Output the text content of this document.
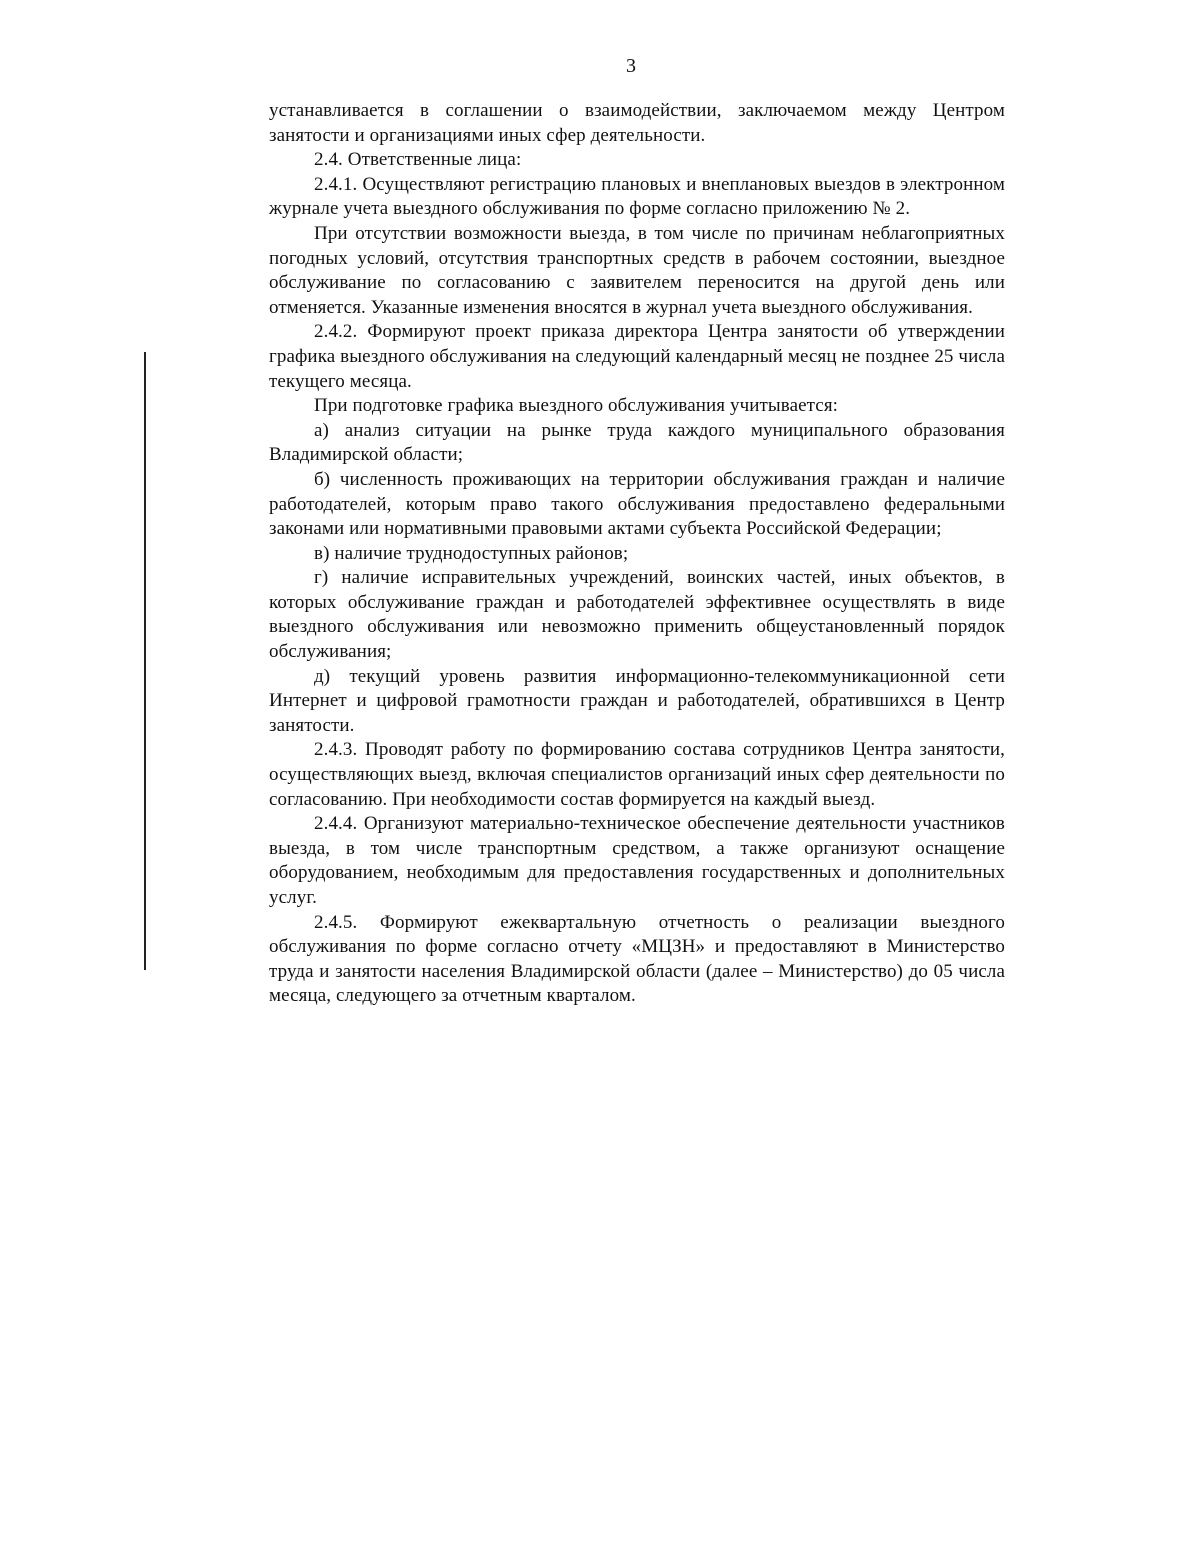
3

устанавливается в соглашении о взаимодействии, заключаемом между Центром занятости и организациями иных сфер деятельности.

2.4. Ответственные лица:

2.4.1. Осуществляют регистрацию плановых и внеплановых выездов в электронном журнале учета выездного обслуживания по форме согласно приложению № 2.

При отсутствии возможности выезда, в том числе по причинам неблагоприятных погодных условий, отсутствия транспортных средств в рабочем состоянии, выездное обслуживание по согласованию с заявителем переносится на другой день или отменяется. Указанные изменения вносятся в журнал учета выездного обслуживания.

2.4.2. Формируют проект приказа директора Центра занятости об утверждении графика выездного обслуживания на следующий календарный месяц не позднее 25 числа текущего месяца.

При подготовке графика выездного обслуживания учитывается:

а) анализ ситуации на рынке труда каждого муниципального образования Владимирской области;

б) численность проживающих на территории обслуживания граждан и наличие работодателей, которым право такого обслуживания предоставлено федеральными законами или нормативными правовыми актами субъекта Российской Федерации;

в) наличие труднодоступных районов;

г) наличие исправительных учреждений, воинских частей, иных объектов, в которых обслуживание граждан и работодателей эффективнее осуществлять в виде выездного обслуживания или невозможно применить общеустановленный порядок обслуживания;

д) текущий уровень развития информационно-телекоммуникационной сети Интернет и цифровой грамотности граждан и работодателей, обратившихся в Центр занятости.

2.4.3. Проводят работу по формированию состава сотрудников Центра занятости, осуществляющих выезд, включая специалистов организаций иных сфер деятельности по согласованию. При необходимости состав формируется на каждый выезд.

2.4.4. Организуют материально-техническое обеспечение деятельности участников выезда, в том числе транспортным средством, а также организуют оснащение оборудованием, необходимым для предоставления государственных и дополнительных услуг.

2.4.5. Формируют ежеквартальную отчетность о реализации выездного обслуживания по форме согласно отчету «МЦЗН» и предоставляют в Министерство труда и занятости населения Владимирской области (далее – Министерство) до 05 числа месяца, следующего за отчетным кварталом.
